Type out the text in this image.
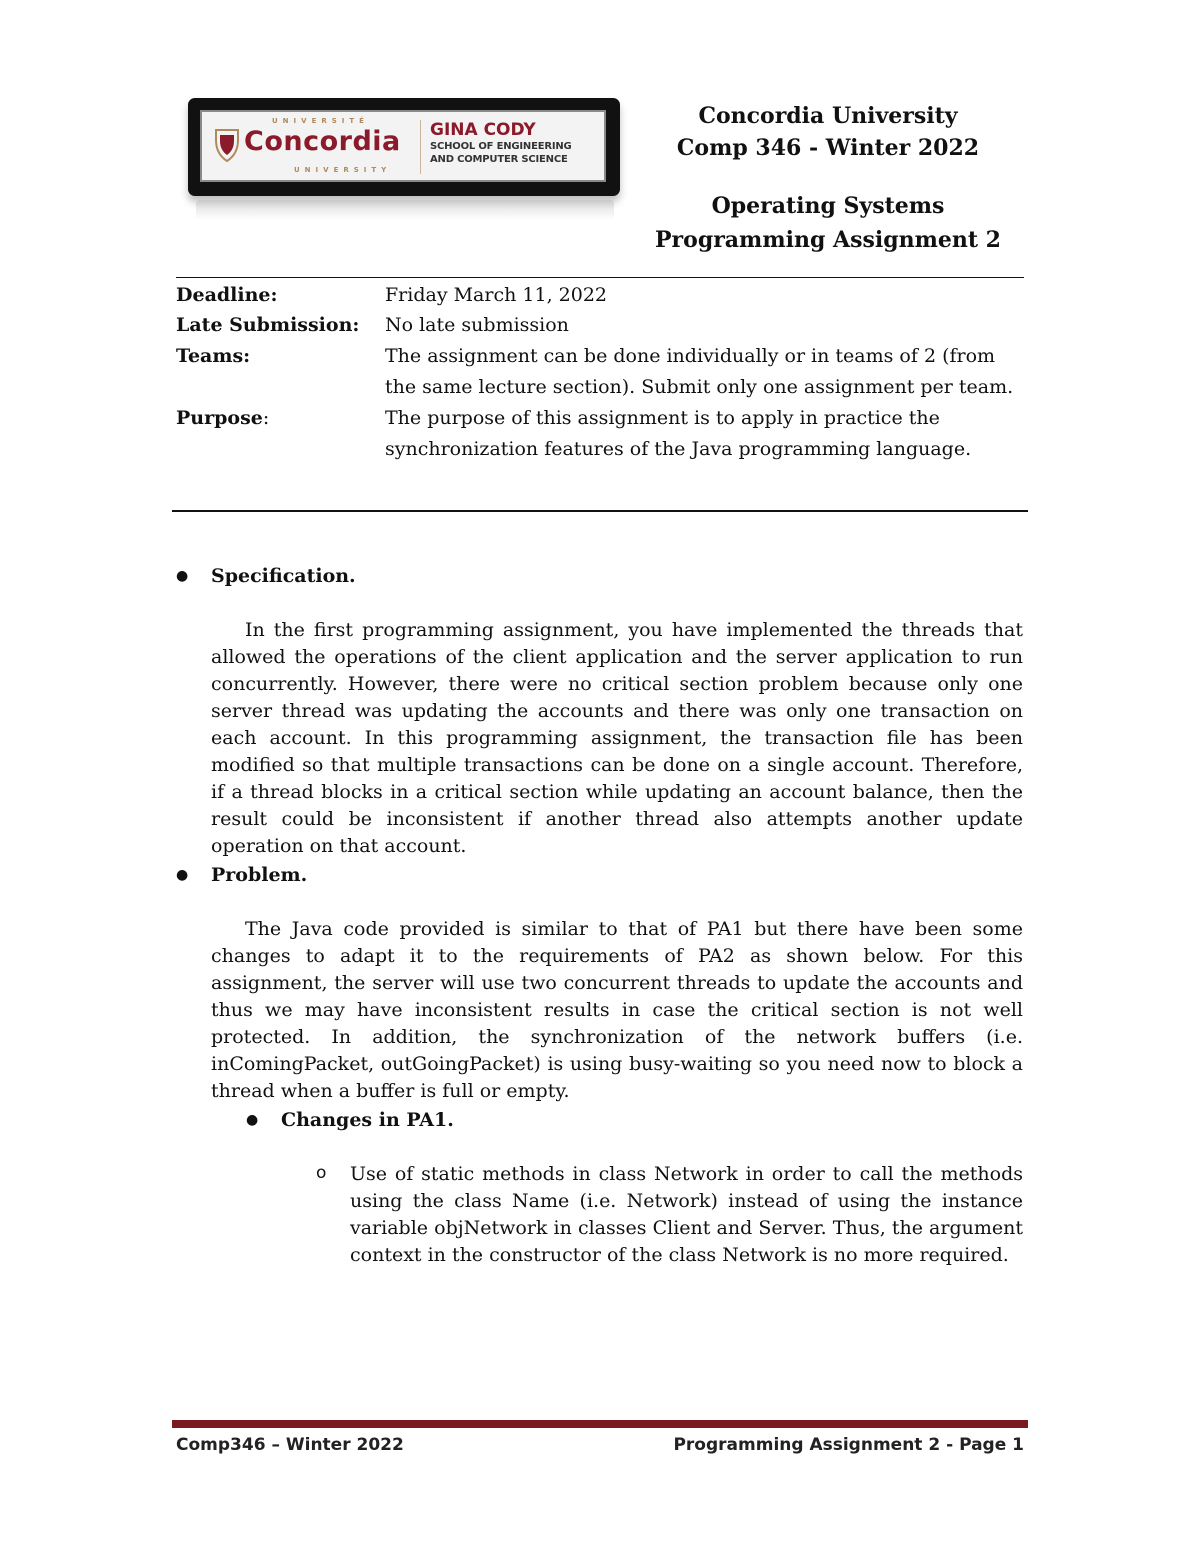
UNIVERSITÉ
Concordia
UNIVERSITY
GINA CODY
SCHOOL OF ENGINEERING
AND COMPUTER SCIENCE
Concordia University
Comp 346 - Winter 2022
Operating Systems
Programming Assignment 2
Deadline:	Friday March 11, 2022
Late Submission: No late submission
Teams:	The assignment can be done individually or in teams of 2 (from the same lecture section). Submit only one assignment per team.
Purpose:	The purpose of this assignment is to apply in practice the synchronization features of the Java programming language.
● Specification.
In the first programming assignment, you have implemented the threads that allowed the operations of the client application and the server application to run concurrently. However, there were no critical section problem because only one server thread was updating the accounts and there was only one transaction on each account. In this programming assignment, the transaction file has been modified so that multiple transactions can be done on a single account. Therefore, if a thread blocks in a critical section while updating an account balance, then the result could be inconsistent if another thread also attempts another update operation on that account.
● Problem.
The Java code provided is similar to that of PA1 but there have been some changes to adapt it to the requirements of PA2 as shown below. For this assignment, the server will use two concurrent threads to update the accounts and thus we may have inconsistent results in case the critical section is not well protected. In addition, the synchronization of the network buffers (i.e. inComingPacket, outGoingPacket) is using busy-waiting so you need now to block a thread when a buffer is full or empty.
● Changes in PA1.
o Use of static methods in class Network in order to call the methods using the class Name (i.e. Network) instead of using the instance variable objNetwork in classes Client and Server. Thus, the argument context in the constructor of the class Network is no more required.
Comp346 – Winter 2022	Programming Assignment 2 - Page 1
